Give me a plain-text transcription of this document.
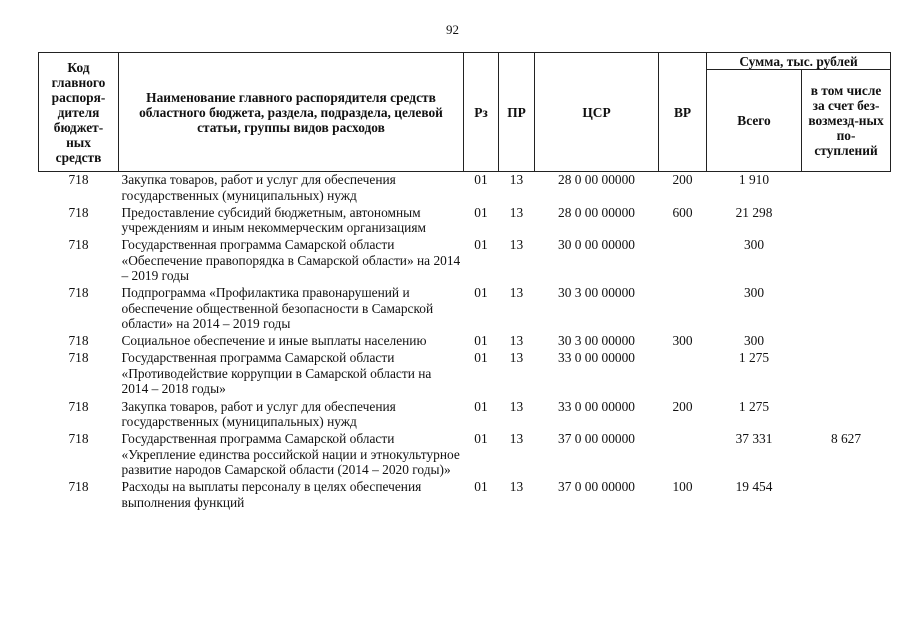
92
Код главного распоря-дителя бюджет-ных средств	Наименование главного распорядителя средств областного бюджета, раздела, подраздела, целевой статьи, группы видов расходов	Рз	ПР	ЦСР	ВР	Сумма, тыс. рублей	
						Всего	в том числе за счет без-возмезд-ных по-ступлений
718	Закупка товаров, работ и услуг для обеспечения государственных (муниципальных) нужд	01	13	28 0 00 00000	200	1 910	
718	Предоставление субсидий бюджетным, автономным учреждениям и иным некоммерческим организациям	01	13	28 0 00 00000	600	21 298	
718	Государственная программа Самарской области «Обеспечение правопорядка в Самарской области» на 2014 – 2019 годы	01	13	30 0 00 00000		300	
718	Подпрограмма «Профилактика правонарушений и обеспечение общественной безопасности в Самарской области» на 2014 – 2019 годы	01	13	30 3 00 00000		300	
718	Социальное обеспечение и иные выплаты населению	01	13	30 3 00 00000	300	300	
718	Государственная программа Самарской области «Противодействие коррупции в Самарской области на 2014 – 2018 годы»	01	13	33 0 00 00000		1 275	
718	Закупка товаров, работ и услуг для обеспечения государственных (муниципальных) нужд	01	13	33 0 00 00000	200	1 275	
718	Государственная программа Самарской области «Укрепление единства российской нации и этнокультурное развитие народов Самарской области (2014 – 2020 годы)»	01	13	37 0 00 00000		37 331	8 627
718	Расходы на выплаты персоналу в целях обеспечения выполнения функций	01	13	37 0 00 00000	100	19 454	
